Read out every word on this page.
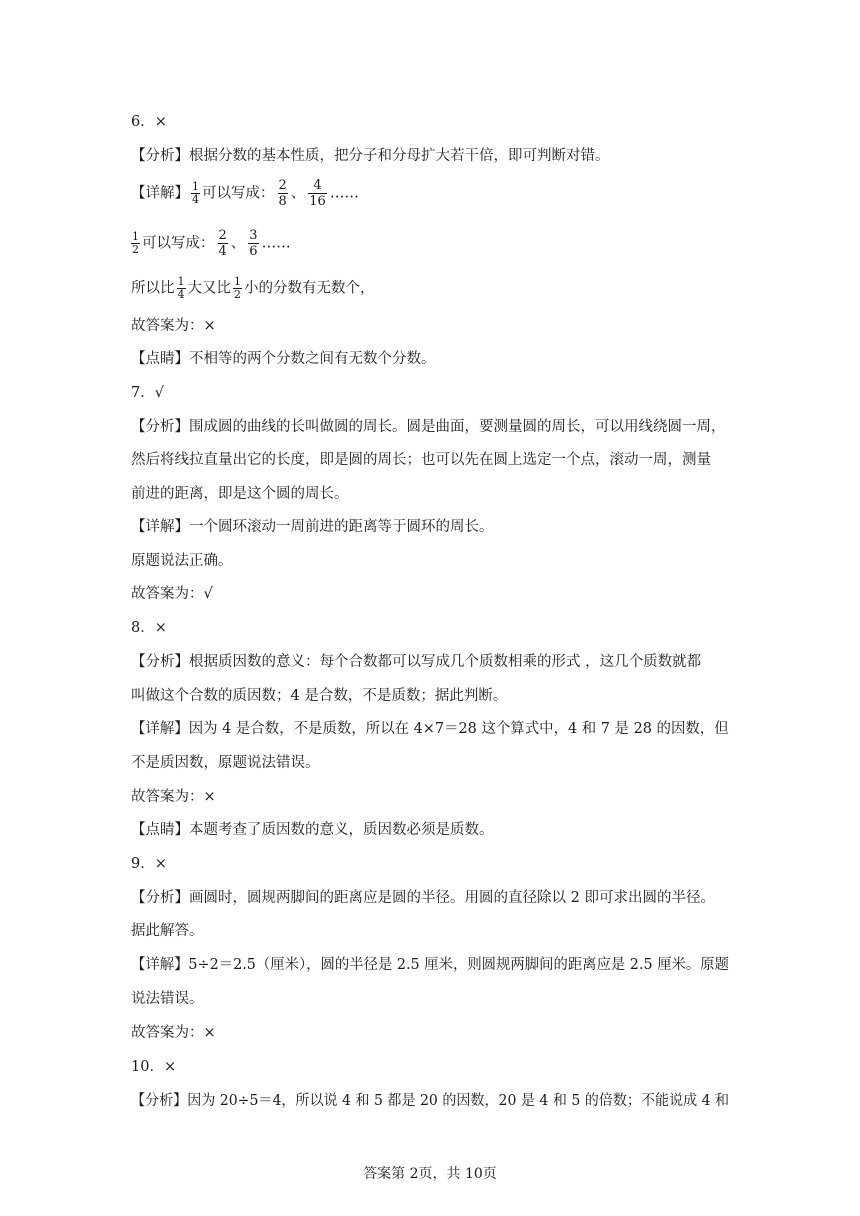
6．×
【分析】根据分数的基本性质，把分子和分母扩大若干倍，即可判断对错。
【详解】 $\frac{1}{4}$ 可以写成： $\frac{2}{8}$ 、 $\frac{4}{16}$ ……
$\frac{1}{2}$ 可以写成： $\frac{2}{4}$ 、 $\frac{3}{6}$ ……
所以比 $\frac{1}{4}$ 大又比 $\frac{1}{2}$ 小的分数有无数个，
故答案为：×
【点睛】不相等的两个分数之间有无数个分数。
7．√
【分析】围成圆的曲线的长叫做圆的周长。圆是曲面，要测量圆的周长，可以用线绕圆一周，
然后将线拉直量出它的长度，即是圆的周长；也可以先在圆上选定一个点，滚动一周，测量
前进的距离，即是这个圆的周长。
【详解】一个圆环滚动一周前进的距离等于圆环的周长。
原题说法正确。
故答案为：√
8．×
【分析】根据质因数的意义：每个合数都可以写成几个质数相乘的形式 ，这几个质数就都
叫做这个合数的质因数；4 是合数，不是质数；据此判断。
【详解】因为 4 是合数，不是质数，所以在 4×7＝28 这个算式中，4 和 7 是 28 的因数，但
不是质因数，原题说法错误。
故答案为：×
【点睛】本题考查了质因数的意义，质因数必须是质数。
9．×
【分析】画圆时，圆规两脚间的距离应是圆的半径。用圆的直径除以 2 即可求出圆的半径。
据此解答。
【详解】5÷2＝2.5（厘米），圆的半径是 2.5 厘米，则圆规两脚间的距离应是 2.5 厘米。原题
说法错误。
故答案为：×
10．×
【分析】因为 20÷5＝4，所以说 4 和 5 都是 20 的因数，20 是 4 和 5 的倍数；不能说成 4 和
答案第 2页，共 10页
